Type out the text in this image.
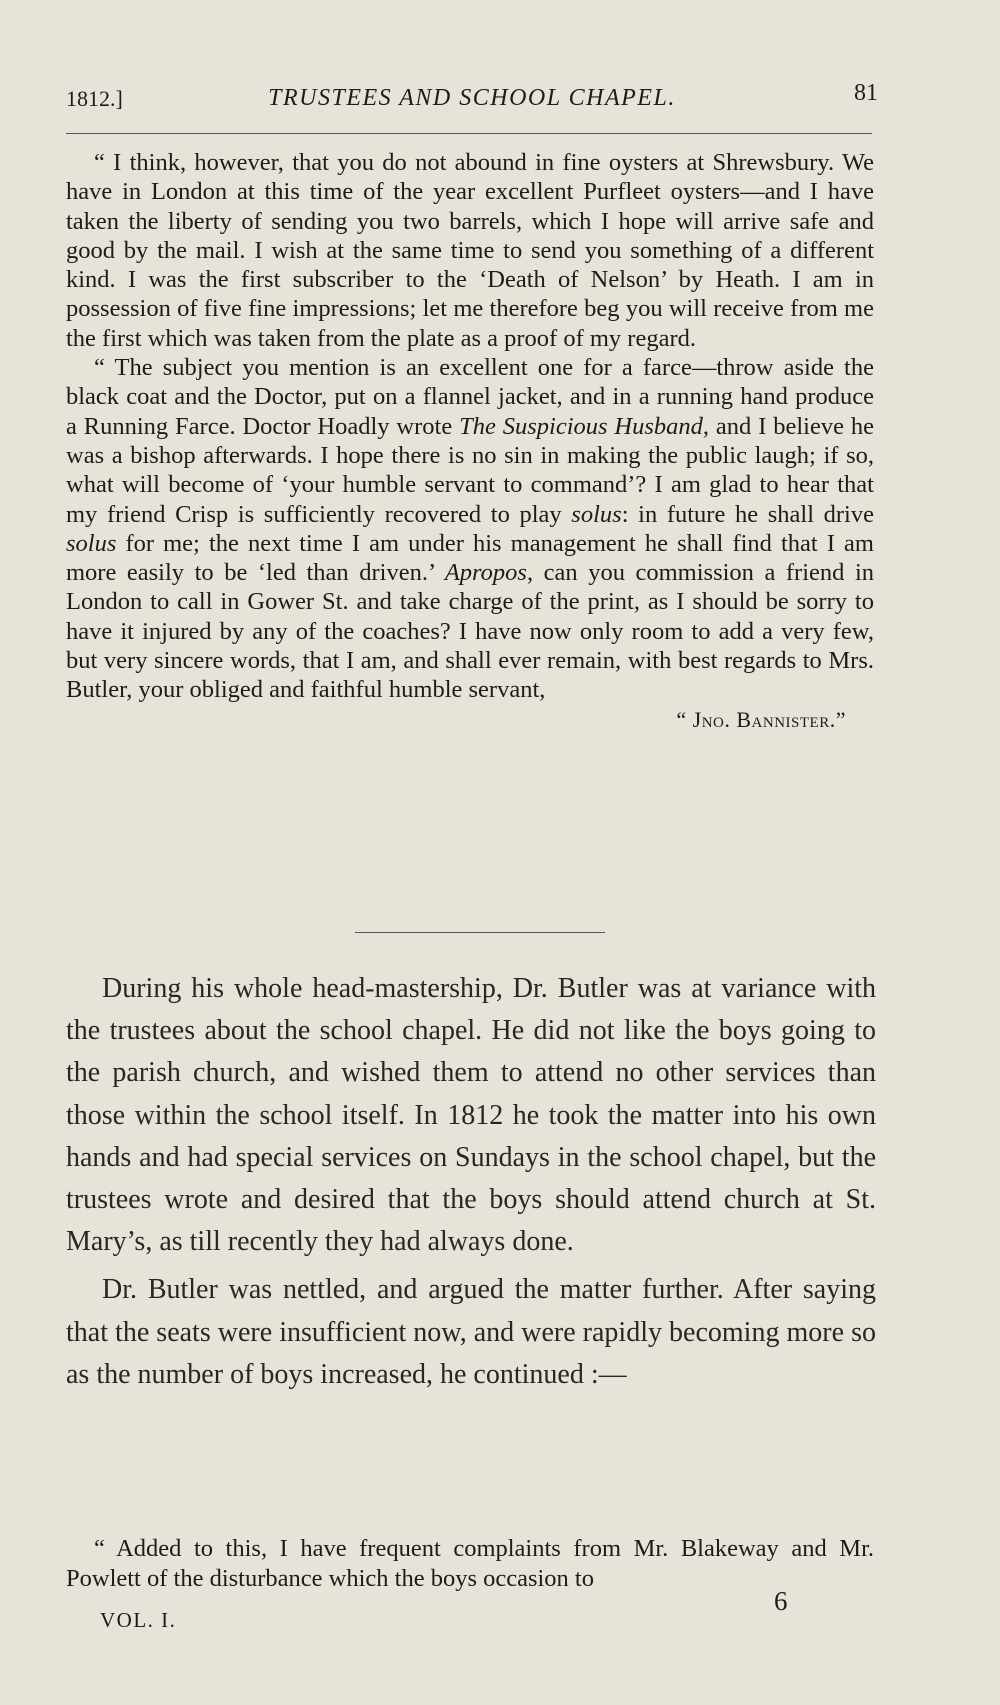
1812.]	TRUSTEES AND SCHOOL CHAPEL.	81

“ I think, however, that you do not abound in fine oysters at Shrewsbury. We have in London at this time of the year excellent Purfleet oysters—and I have taken the liberty of sending you two barrels, which I hope will arrive safe and good by the mail. I wish at the same time to send you something of a different kind. I was the first subscriber to the ‘Death of Nelson’ by Heath. I am in possession of five fine impressions; let me therefore beg you will receive from me the first which was taken from the plate as a proof of my regard.

“ The subject you mention is an excellent one for a farce—throw aside the black coat and the Doctor, put on a flannel jacket, and in a running hand produce a Running Farce. Doctor Hoadly wrote The Suspicious Husband, and I believe he was a bishop afterwards. I hope there is no sin in making the public laugh; if so, what will become of ‘your humble servant to command’? I am glad to hear that my friend Crisp is sufficiently recovered to play solus: in future he shall drive solus for me; the next time I am under his management he shall find that I am more easily to be ‘led than driven.’ Apropos, can you commission a friend in London to call in Gower St. and take charge of the print, as I should be sorry to have it injured by any of the coaches? I have now only room to add a very few, but very sincere words, that I am, and shall ever remain, with best regards to Mrs. Butler, your obliged and faithful humble servant,

“ Jno. Bannister.”

During his whole head-mastership, Dr. Butler was at variance with the trustees about the school chapel. He did not like the boys going to the parish church, and wished them to attend no other services than those within the school itself. In 1812 he took the matter into his own hands and had special services on Sundays in the school chapel, but the trustees wrote and desired that the boys should attend church at St. Mary’s, as till recently they had always done.

Dr. Butler was nettled, and argued the matter further. After saying that the seats were insufficient now, and were rapidly becoming more so as the number of boys increased, he continued :—

“ Added to this, I have frequent complaints from Mr. Blakeway and Mr. Powlett of the disturbance which the boys occasion to

VOL. I.
6
